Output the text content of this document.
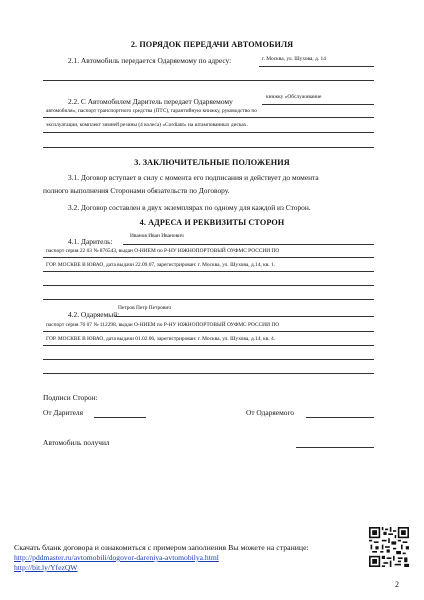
2. ПОРЯДОК ПЕРЕДАЧИ АВТОМОБИЛЯ
2.1. Автомобиль передается Одаряемому по адресу:	г. Москва, ул. Шухова, д. 14
2.2. С Автомобилем Даритель передает Одаряемому	книжку «Обслуживание
автомобиля», паспорт транспортного средства (ПТС), гарантийную книжку, руководство по
эксплуатации, комплект зимней резины (4 колеса) «Cordiant» на штампованных дисках.
3. ЗАКЛЮЧИТЕЛЬНЫЕ ПОЛОЖЕНИЯ
3.1. Договор вступает в силу с момента его подписания и действует до момента
полного выполнения Сторонами обязательств по Договору.
3.2. Договор составлен в двух экземплярах по одному для каждой из Сторон.
4. АДРЕСА И РЕКВИЗИТЫ СТОРОН
4.1. Даритель:
Иванов Иван Иванович
паспорт серия 22 03 № 876543, выдан О-НИЕМ по Р-НУ ЮЖНОПОРТОВЫЙ ОУФМС РОССИИ ПО
ГОР. МОСКВЕ В ЮВАО, дата выдачи 22.09.07, зарегистрирован: г. Москва, ул. Шухова, д.14, кв. 1.
4.2. Одаряемый:
Петров Петр Петрович
паспорт серия 76 07 № 112298, выдан О-НИЕМ по Р-НУ ЮЖНОПОРТОВЫЙ ОУФМС РОССИИ ПО
ГОР. МОСКВЕ В ЮВАО, дата выдачи 01.02.06, зарегистрирован: г. Москва, ул. Шухова, д.14, кв. 4.
Подписи Сторон:
От Дарителя	От Одаряемого
Автомобиль получил
Скачать бланк договора и ознакомиться с примером заполнения Вы можете на странице:
http://pddmaster.ru/avtomobili/dogovor-dareniya-avtomobilya.html
http://bit.ly/YfezQW
2
